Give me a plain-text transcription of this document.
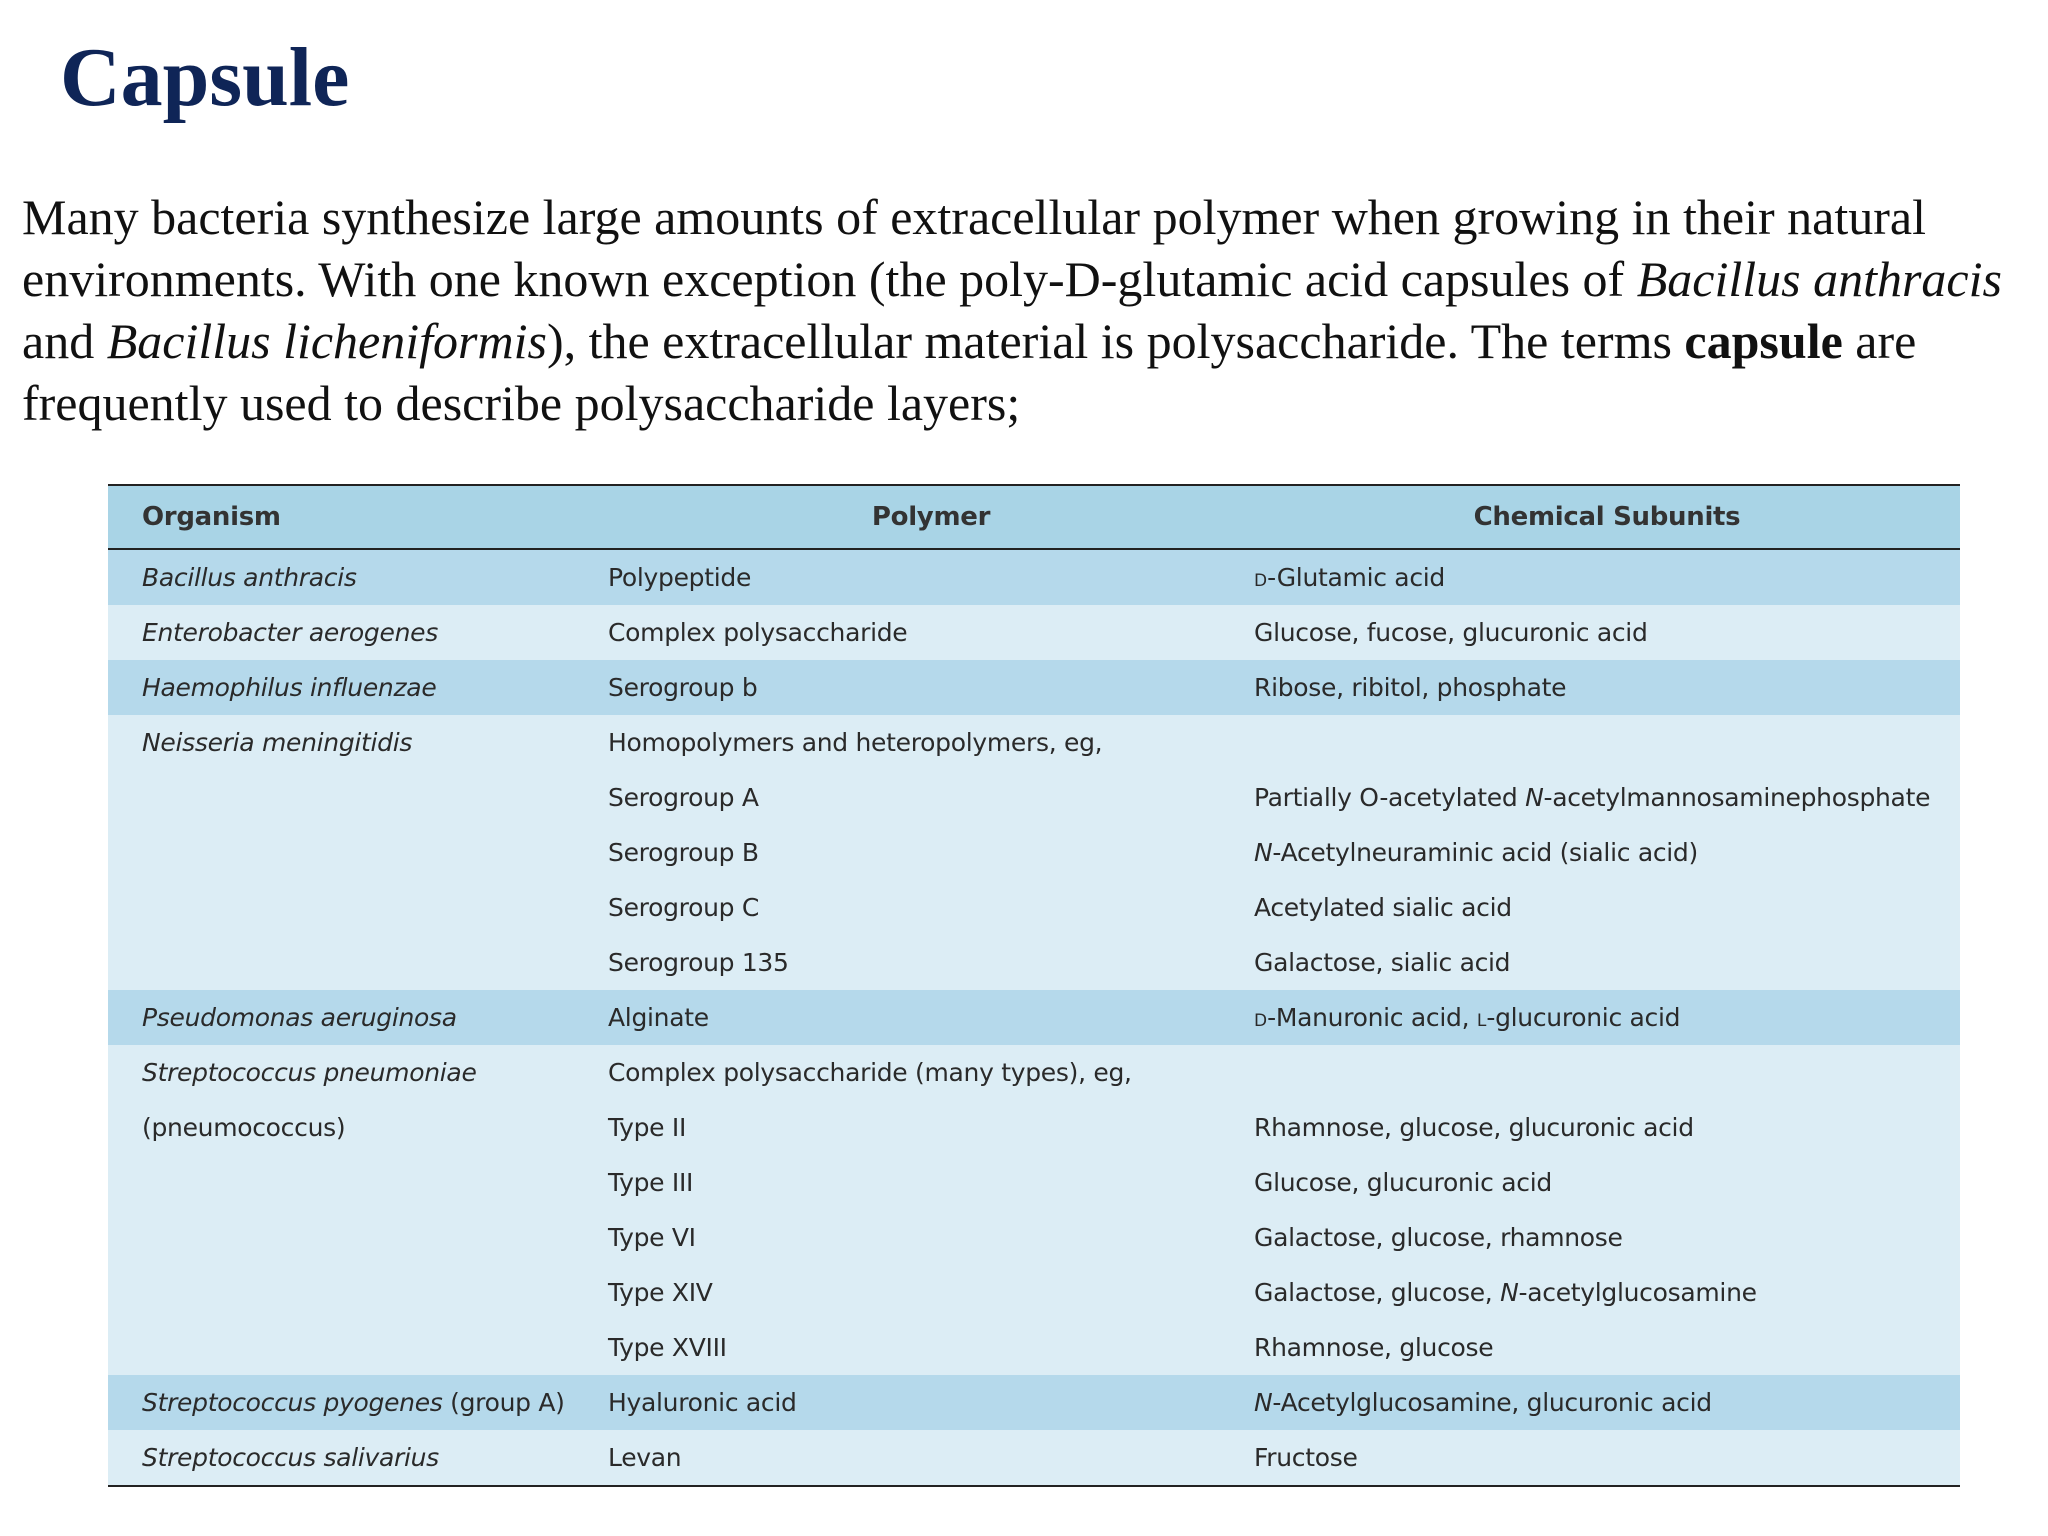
Capsule

Many bacteria synthesize large amounts of extracellular polymer when growing in their natural environments. With one known exception (the poly-D-glutamic acid capsules of Bacillus anthracis and Bacillus licheniformis), the extracellular material is polysaccharide. The terms capsule are frequently used to describe polysaccharide layers;

Organism	Polymer	Chemical Subunits
Bacillus anthracis	Polypeptide	D-Glutamic acid
Enterobacter aerogenes	Complex polysaccharide	Glucose, fucose, glucuronic acid
Haemophilus influenzae	Serogroup b	Ribose, ribitol, phosphate
Neisseria meningitidis	Homopolymers and heteropolymers, eg,	
	Serogroup A	Partially O-acetylated N-acetylmannosaminephosphate
	Serogroup B	N-Acetylneuraminic acid (sialic acid)
	Serogroup C	Acetylated sialic acid
	Serogroup 135	Galactose, sialic acid
Pseudomonas aeruginosa	Alginate	D-Manuronic acid, L-glucuronic acid
Streptococcus pneumoniae	Complex polysaccharide (many types), eg,	
(pneumococcus)	Type II	Rhamnose, glucose, glucuronic acid
	Type III	Glucose, glucuronic acid
	Type VI	Galactose, glucose, rhamnose
	Type XIV	Galactose, glucose, N-acetylglucosamine
	Type XVIII	Rhamnose, glucose
Streptococcus pyogenes (group A)	Hyaluronic acid	N-Acetylglucosamine, glucuronic acid
Streptococcus salivarius	Levan	Fructose
